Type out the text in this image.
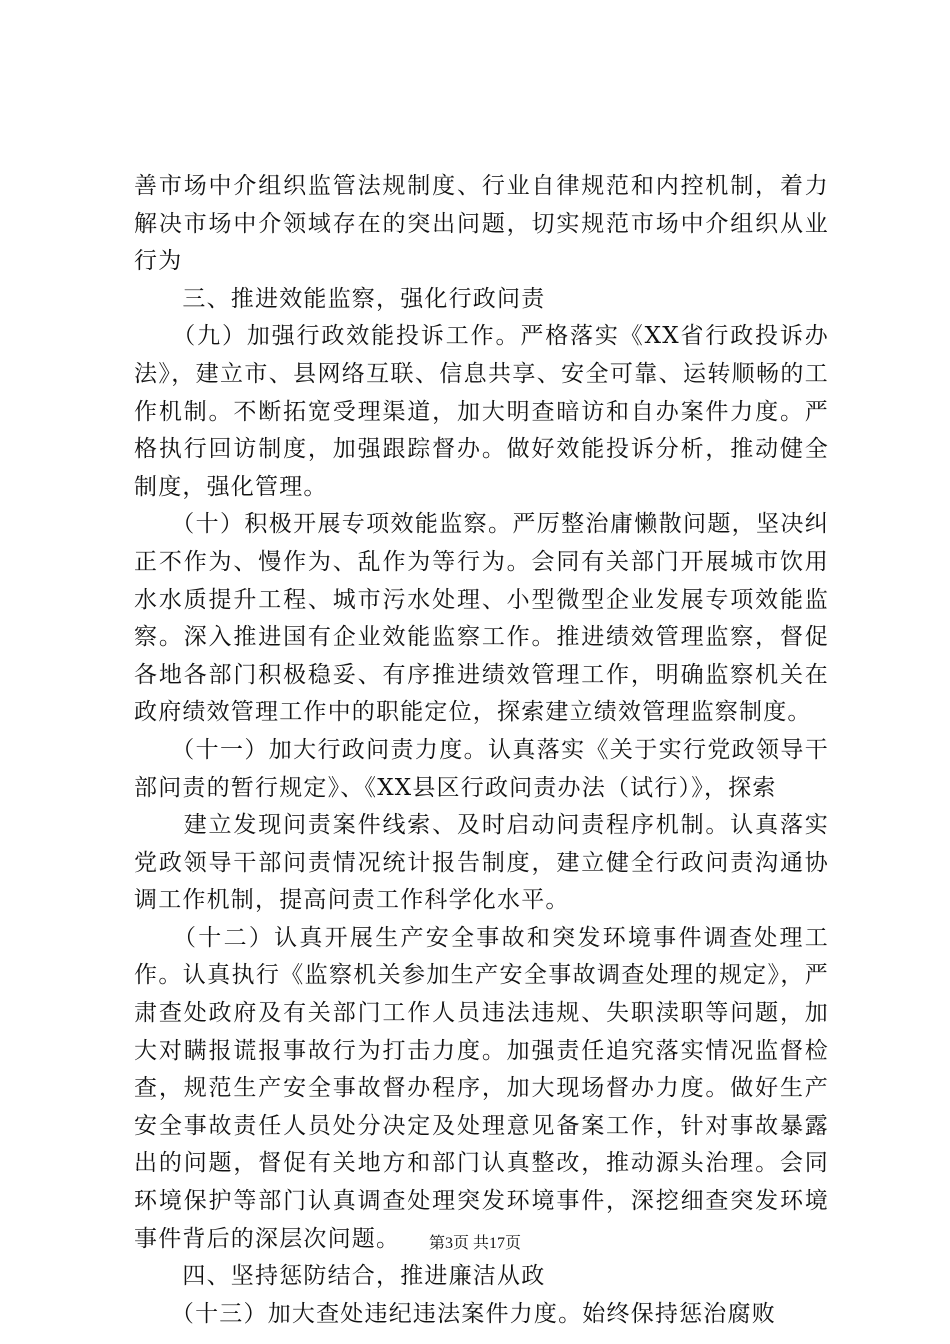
善市场中介组织监管法规制度、行业自律规范和内控机制，着力解决市场中介领域存在的突出问题，切实规范市场中介组织从业行为

　　三、推进效能监察，强化行政问责

　　（九）加强行政效能投诉工作。严格落实《XX省行政投诉办法》，建立市、县网络互联、信息共享、安全可靠、运转顺畅的工作机制。不断拓宽受理渠道，加大明查暗访和自办案件力度。严格执行回访制度，加强跟踪督办。做好效能投诉分析，推动健全制度，强化管理。

　　（十）积极开展专项效能监察。严厉整治庸懒散问题，坚决纠正不作为、慢作为、乱作为等行为。会同有关部门开展城市饮用水水质提升工程、城市污水处理、小型微型企业发展专项效能监察。深入推进国有企业效能监察工作。推进绩效管理监察，督促各地各部门积极稳妥、有序推进绩效管理工作，明确监察机关在政府绩效管理工作中的职能定位，探索建立绩效管理监察制度。

　　（十一）加大行政问责力度。认真落实《关于实行党政领导干部问责的暂行规定》、《XX县区行政问责办法（试行）》，探索

　　建立发现问责案件线索、及时启动问责程序机制。认真落实党政领导干部问责情况统计报告制度，建立健全行政问责沟通协调工作机制，提高问责工作科学化水平。

　　（十二）认真开展生产安全事故和突发环境事件调查处理工作。认真执行《监察机关参加生产安全事故调查处理的规定》，严肃查处政府及有关部门工作人员违法违规、失职渎职等问题，加大对瞒报谎报事故行为打击力度。加强责任追究落实情况监督检查，规范生产安全事故督办程序，加大现场督办力度。做好生产安全事故责任人员处分决定及处理意见备案工作，针对事故暴露出的问题，督促有关地方和部门认真整改，推动源头治理。会同环境保护等部门认真调查处理突发环境事件，深挖细查突发环境事件背后的深层次问题。

　　四、坚持惩防结合，推进廉洁从政

　　（十三）加大查处违纪违法案件力度。始终保持惩治腐败

第3页 共17页
